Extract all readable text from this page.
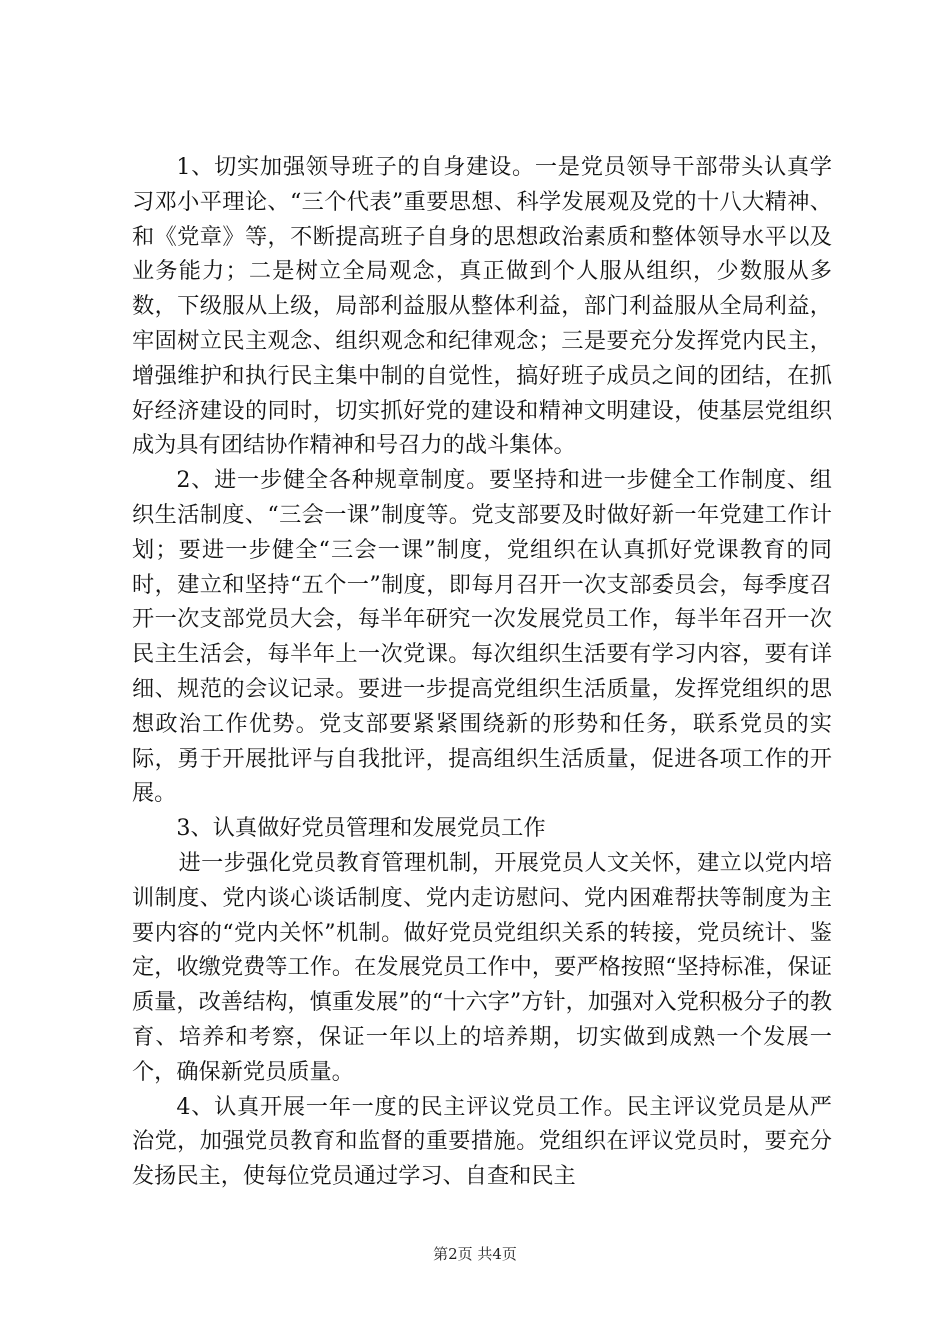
1、切实加强领导班子的自身建设。一是党员领导干部带头认真学习邓小平理论、“三个代表”重要思想、科学发展观及党的十八大精神、和《党章》等，不断提高班子自身的思想政治素质和整体领导水平以及业务能力；二是树立全局观念，真正做到个人服从组织，少数服从多数，下级服从上级，局部利益服从整体利益，部门利益服从全局利益，牢固树立民主观念、组织观念和纪律观念；三是要充分发挥党内民主，增强维护和执行民主集中制的自觉性，搞好班子成员之间的团结，在抓好经济建设的同时，切实抓好党的建设和精神文明建设，使基层党组织成为具有团结协作精神和号召力的战斗集体。

2、进一步健全各种规章制度。要坚持和进一步健全工作制度、组织生活制度、“三会一课”制度等。党支部要及时做好新一年党建工作计划；要进一步健全“三会一课”制度，党组织在认真抓好党课教育的同时，建立和坚持“五个一”制度，即每月召开一次支部委员会，每季度召开一次支部党员大会，每半年研究一次发展党员工作，每半年召开一次民主生活会，每半年上一次党课。每次组织生活要有学习内容，要有详细、规范的会议记录。要进一步提高党组织生活质量，发挥党组织的思想政治工作优势。党支部要紧紧围绕新的形势和任务，联系党员的实际，勇于开展批评与自我批评，提高组织生活质量，促进各项工作的开展。

3、认真做好党员管理和发展党员工作

进一步强化党员教育管理机制，开展党员人文关怀，建立以党内培训制度、党内谈心谈话制度、党内走访慰问、党内困难帮扶等制度为主要内容的“党内关怀”机制。做好党员党组织关系的转接，党员统计、鉴定，收缴党费等工作。在发展党员工作中，要严格按照“坚持标准，保证质量，改善结构，慎重发展”的“十六字”方针，加强对入党积极分子的教育、培养和考察，保证一年以上的培养期，切实做到成熟一个发展一个，确保新党员质量。

4、认真开展一年一度的民主评议党员工作。民主评议党员是从严治党，加强党员教育和监督的重要措施。党组织在评议党员时，要充分发扬民主，使每位党员通过学习、自查和民主

第2页 共4页
